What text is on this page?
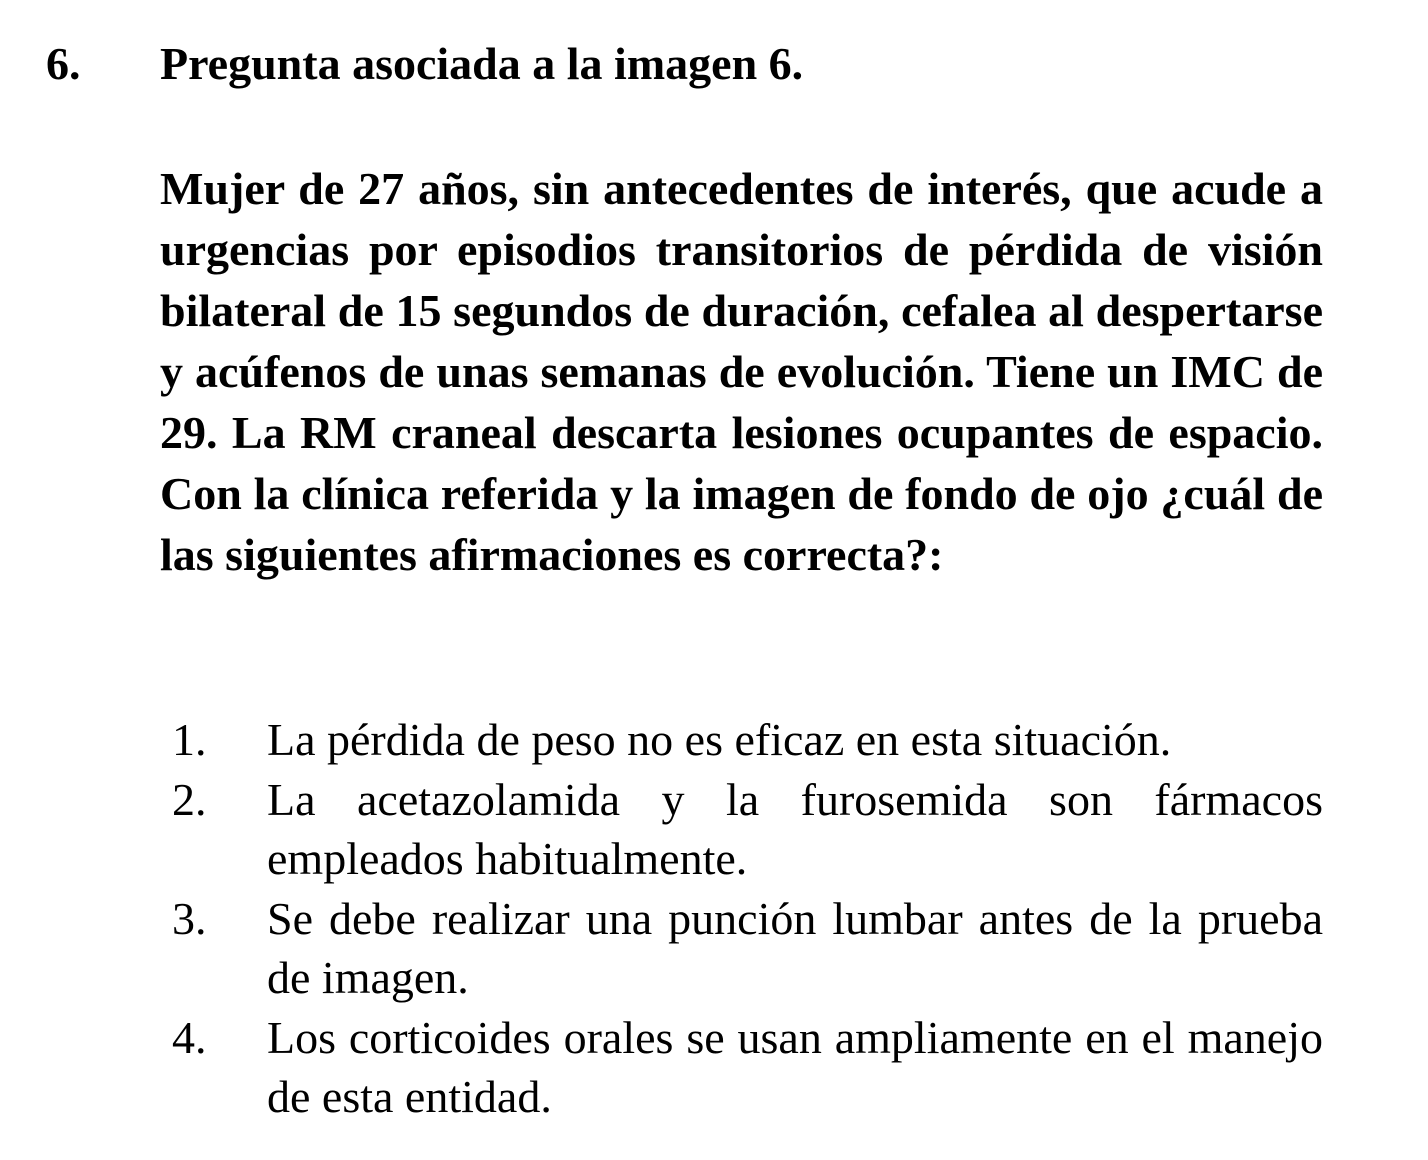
6. Pregunta asociada a la imagen 6.

Mujer de 27 años, sin antecedentes de interés, que acude a urgencias por episodios transitorios de pérdida de visión bilateral de 15 segundos de duración, cefalea al despertarse y acúfenos de unas semanas de evolución. Tiene un IMC de 29. La RM craneal descarta lesiones ocupantes de espacio. Con la clínica referida y la imagen de fondo de ojo ¿cuál de las siguientes afirmaciones es correcta?:

1.	La pérdida de peso no es eficaz en esta situación.
2.	La acetazolamida y la furosemida son fármacos empleados habitualmente.
3.	Se debe realizar una punción lumbar antes de la prueba de imagen.
4.	Los corticoides orales se usan ampliamente en el manejo de esta entidad.
